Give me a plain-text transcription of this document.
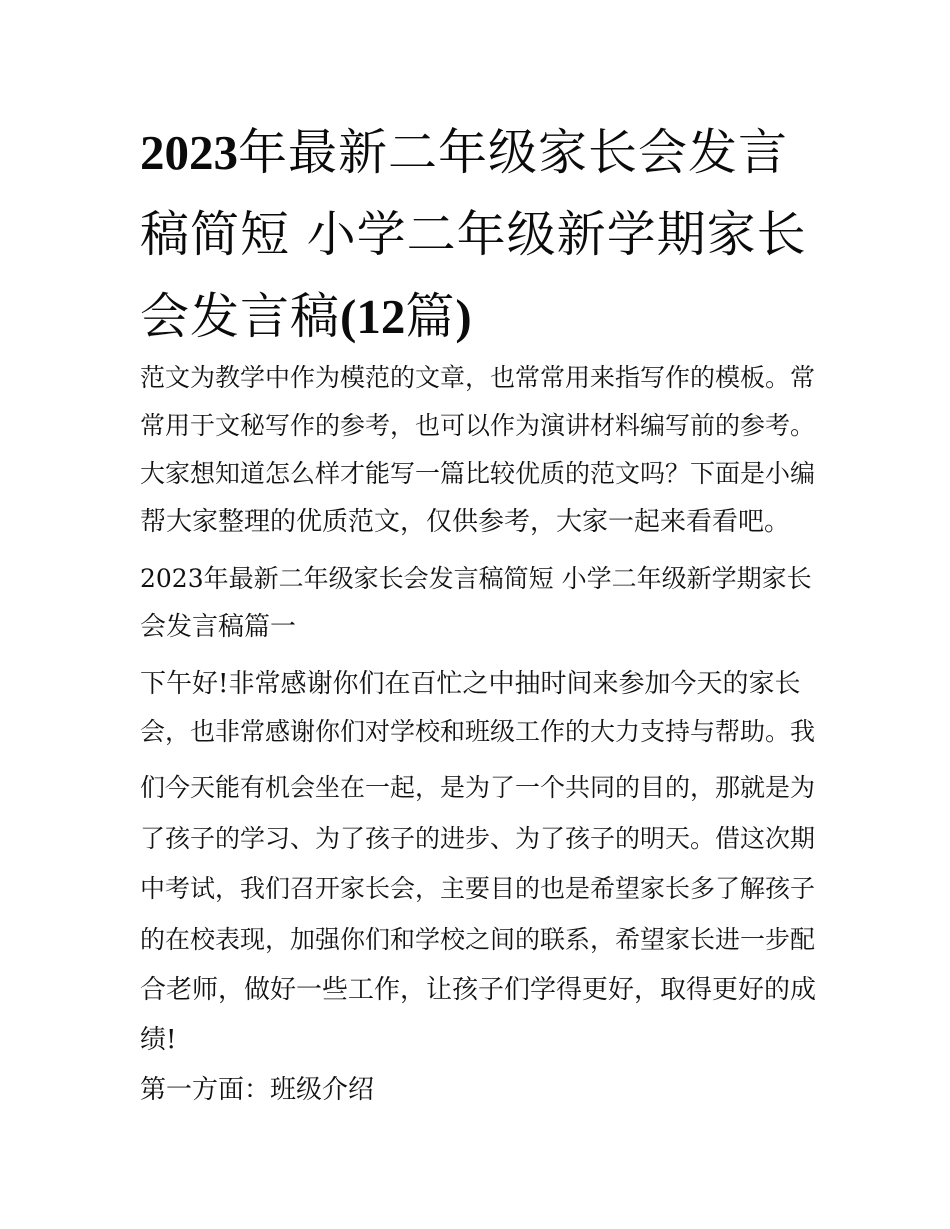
2023年最新二年级家长会发言
稿简短 小学二年级新学期家长
会发言稿(12篇)

范文为教学中作为模范的文章，也常常用来指写作的模板。常

常用于文秘写作的参考，也可以作为演讲材料编写前的参考。

大家想知道怎么样才能写一篇比较优质的范文吗？下面是小编

帮大家整理的优质范文，仅供参考，大家一起来看看吧。

2023年最新二年级家长会发言稿简短 小学二年级新学期家长

会发言稿篇一

下午好!非常感谢你们在百忙之中抽时间来参加今天的家长

会，也非常感谢你们对学校和班级工作的大力支持与帮助。我

们今天能有机会坐在一起，是为了一个共同的目的，那就是为

了孩子的学习、为了孩子的进步、为了孩子的明天。借这次期

中考试，我们召开家长会，主要目的也是希望家长多了解孩子

的在校表现，加强你们和学校之间的联系，希望家长进一步配

合老师，做好一些工作，让孩子们学得更好，取得更好的成

绩!

第一方面：班级介绍
